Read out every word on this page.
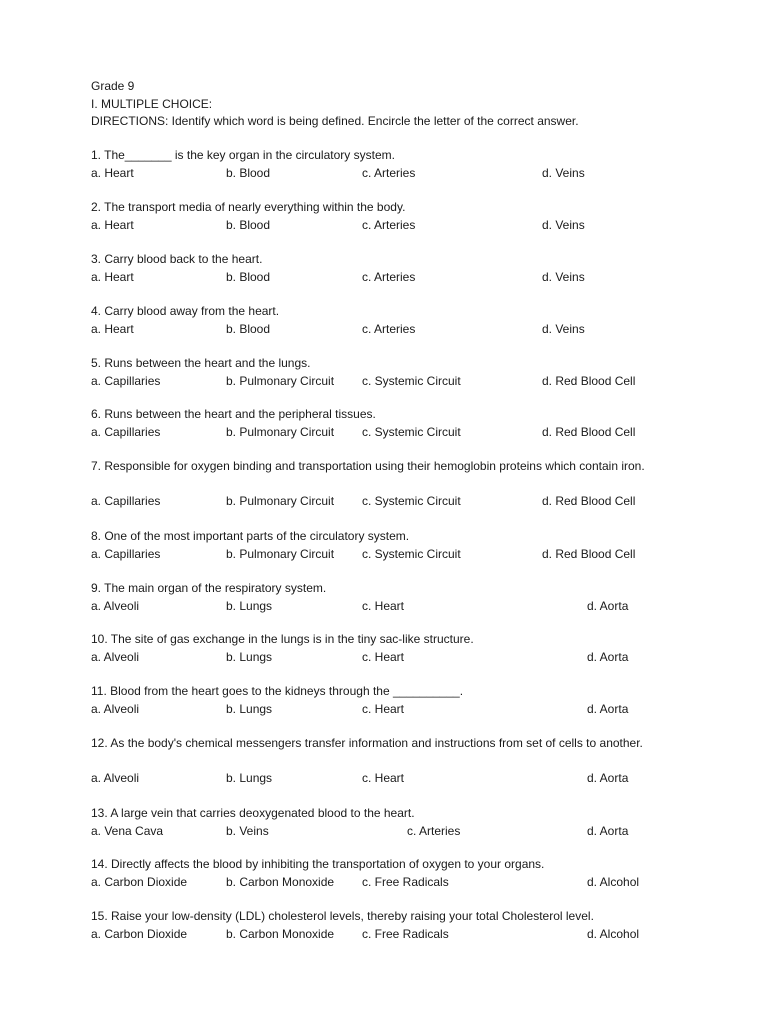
Grade 9
I. MULTIPLE CHOICE:
DIRECTIONS: Identify which word is being defined. Encircle the letter of the correct answer.
1. The_______ is the key organ in the circulatory system.
a. Heart	b. Blood	c. Arteries	d. Veins
2. The transport media of nearly everything within the body.
a. Heart	b. Blood	c. Arteries	d. Veins
3. Carry blood back to the heart.
a. Heart	b. Blood	c. Arteries	d. Veins
4. Carry blood away from the heart.
a. Heart	b. Blood	c. Arteries	d. Veins
5. Runs between the heart and the lungs.
a. Capillaries	b. Pulmonary Circuit c. Systemic Circuit	d. Red Blood Cell
6. Runs between the heart and the peripheral tissues.
a. Capillaries	b. Pulmonary Circuit c. Systemic Circuit	d. Red Blood Cell
7. Responsible for oxygen binding and transportation using their hemoglobin proteins which contain iron.
a. Capillaries	b. Pulmonary Circuit c. Systemic Circuit	d. Red Blood Cell
8. One of the most important parts of the circulatory system.
a. Capillaries	b. Pulmonary Circuit c. Systemic Circuit	d. Red Blood Cell
9. The main organ of the respiratory system.
a. Alveoli	b. Lungs	c. Heart	d. Aorta
10. The site of gas exchange in the lungs is in the tiny sac-like structure.
a. Alveoli	b. Lungs	c. Heart	d. Aorta
11. Blood from the heart goes to the kidneys through the __________.
a. Alveoli	b. Lungs	c. Heart	d. Aorta
12. As the body's chemical messengers transfer information and instructions from set of cells to another.
a. Alveoli	b. Lungs	c. Heart	d. Aorta
13. A large vein that carries deoxygenated blood to the heart.
a. Vena Cava	b. Veins	c. Arteries	d. Aorta
14. Directly affects the blood by inhibiting the transportation of oxygen to your organs.
a. Carbon Dioxide	b. Carbon Monoxide c. Free Radicals	d. Alcohol
15. Raise your low-density (LDL) cholesterol levels, thereby raising your total Cholesterol level.
a. Carbon Dioxide	b. Carbon Monoxide c. Free Radicals	d. Alcohol
